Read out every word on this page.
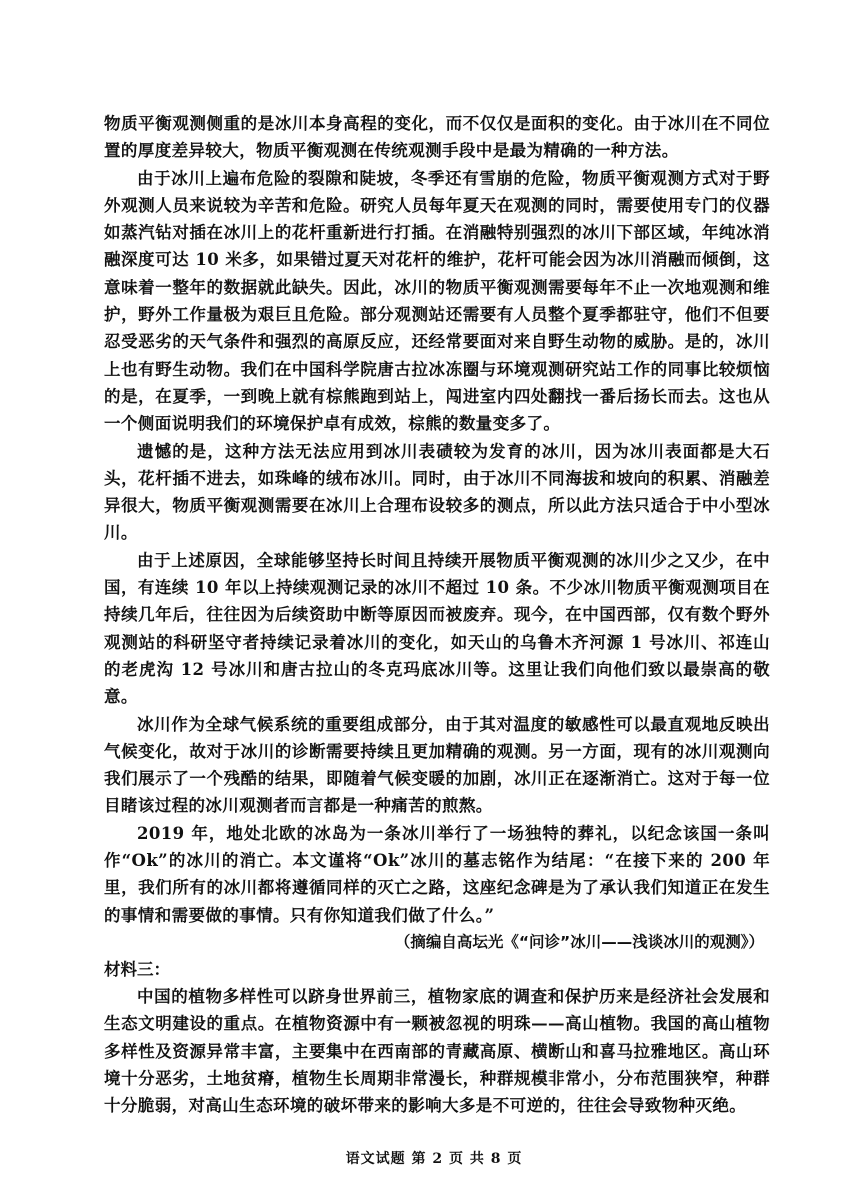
物质平衡观测侧重的是冰川本身高程的变化，而不仅仅是面积的变化。由于冰川在不同位置的厚度差异较大，物质平衡观测在传统观测手段中是最为精确的一种方法。

由于冰川上遍布危险的裂隙和陡坡，冬季还有雪崩的危险，物质平衡观测方式对于野外观测人员来说较为辛苦和危险。研究人员每年夏天在观测的同时，需要使用专门的仪器如蒸汽钻对插在冰川上的花杆重新进行打插。在消融特别强烈的冰川下部区域，年纯冰消融深度可达 10 米多，如果错过夏天对花杆的维护，花杆可能会因为冰川消融而倾倒，这意味着一整年的数据就此缺失。因此，冰川的物质平衡观测需要每年不止一次地观测和维护，野外工作量极为艰巨且危险。部分观测站还需要有人员整个夏季都驻守，他们不但要忍受恶劣的天气条件和强烈的高原反应，还经常要面对来自野生动物的威胁。是的，冰川上也有野生动物。我们在中国科学院唐古拉冰冻圈与环境观测研究站工作的同事比较烦恼的是，在夏季，一到晚上就有棕熊跑到站上，闯进室内四处翻找一番后扬长而去。这也从一个侧面说明我们的环境保护卓有成效，棕熊的数量变多了。

遗憾的是，这种方法无法应用到冰川表碛较为发育的冰川，因为冰川表面都是大石头，花杆插不进去，如珠峰的绒布冰川。同时，由于冰川不同海拔和坡向的积累、消融差异很大，物质平衡观测需要在冰川上合理布设较多的测点，所以此方法只适合于中小型冰川。

由于上述原因，全球能够坚持长时间且持续开展物质平衡观测的冰川少之又少，在中国，有连续 10 年以上持续观测记录的冰川不超过 10 条。不少冰川物质平衡观测项目在持续几年后，往往因为后续资助中断等原因而被废弃。现今，在中国西部，仅有数个野外观测站的科研坚守者持续记录着冰川的变化，如天山的乌鲁木齐河源 1 号冰川、祁连山的老虎沟 12 号冰川和唐古拉山的冬克玛底冰川等。这里让我们向他们致以最崇高的敬意。

冰川作为全球气候系统的重要组成部分，由于其对温度的敏感性可以最直观地反映出气候变化，故对于冰川的诊断需要持续且更加精确的观测。另一方面，现有的冰川观测向我们展示了一个残酷的结果，即随着气候变暖的加剧，冰川正在逐渐消亡。这对于每一位目睹该过程的冰川观测者而言都是一种痛苦的煎熬。

2019 年，地处北欧的冰岛为一条冰川举行了一场独特的葬礼，以纪念该国一条叫作“Ok”的冰川的消亡。本文谨将“Ok”冰川的墓志铭作为结尾：“在接下来的 200 年里，我们所有的冰川都将遵循同样的灭亡之路，这座纪念碑是为了承认我们知道正在发生的事情和需要做的事情。只有你知道我们做了什么。”

（摘编自高坛光《“问诊”冰川——浅谈冰川的观测》）

材料三：

中国的植物多样性可以跻身世界前三，植物家底的调查和保护历来是经济社会发展和生态文明建设的重点。在植物资源中有一颗被忽视的明珠——高山植物。我国的高山植物多样性及资源异常丰富，主要集中在西南部的青藏高原、横断山和喜马拉雅地区。高山环境十分恶劣，土地贫瘠，植物生长周期非常漫长，种群规模非常小，分布范围狭窄，种群十分脆弱，对高山生态环境的破坏带来的影响大多是不可逆的，往往会导致物种灭绝。

语文试题 第 2 页 共 8 页
